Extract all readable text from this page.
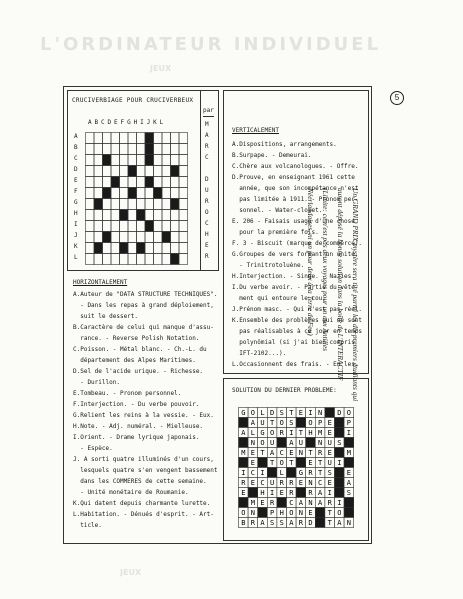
L'ORDINATEUR INDIVIDUEL
JEUX
JEUX
5
CRUCIVERBIAGE POUR CRUCIVERBEUX
ABCDEFGHIJKL
A
B
C
D
E
F
G
H
I
J
K
L
par
M
A
R
C
D
U
R
O
C
H
E
R
HORIZONTALEMENT
A.Auteur de "DATA STRUCTURE TECHNIQUES".
- Dans les repas à grand déploiement,
suit le dessert.
B.Caractère de celui qui manque d'assu-
rance. - Reverse Polish Notation.
C.Poisson. - Métal blanc. - Ch.-L. du
département des Alpes Maritimes.
D.Sel de l'acide urique. - Richesse.
- Durillon.
E.Tombeau. - Pronom personnel.
F.Interjection. - Du verbe pouvoir.
G.Relient les reins à la vessie. - Eux.
H.Note. - Adj. numéral. - Mielleuse.
I.Orient. - Drame lyrique japonais.
- Espèce.
J. A sorti quatre illuminés d'un cours,
lesquels quatre s'en vengent bassement
dans les COMMERES de cette semaine.
- Unité monétaire de Roumanie.
K.Qui datent depuis charmante lurette.
L.Habitation. - Dénués d'esprit. - Art-
ticle.
VERTICALEMENT
A.Dispositions, arrangements.
B.Surpape. - Demeurai.
C.Chère aux volcanologues. - Offre.
D.Prouve, en enseignant 1961 cette
année, que son incompétance n'est
pas limitée à 1911. - Pronom per-
sonnel. - Water-closet.
E. 206 - Faisais usage d'une chose
pour la première fois.
F. 3 - Biscuit (marque de commerce).
G.Groupes de vers formant un unité.
- Trinitrotoluène.
H.Interjection. - Singe. - Nazies.
I.Du verbe avoir. - Partie du vête-
ment qui entoure le cou.
J.Prénom masc. - Qui n'est pas réel.
K.Ensemble des problèmes qui ne sont
pas réalisables à ce jour en temps
polynômial (si j'ai bien compris
IFT-2102...).
L.Occasionnent des frais. - En les.
SOLUTION DU DERNIER PROBLEME:
G O L D S T E I N D O
A U T O S O P E P
A L G O R I T H M E I
N O U A U N U S
M E T A C E N T R E M
E T O T E T U I
I C I L G R T S E
R E C U R R E N C E A
E H I E R R A I S
M E R C A N A R I
O N P H O N E T O
B R A S S A R D T A N
Un GRAND PRIX mystère sera tiré parmi les dix premiers étudiants qui
auront déposé la bonne solution dans la boîte de L'INTERACTIF
(Limite: ce n'est pas deux voyages pour un aux Antilles
Néerlandaises, ni un pour deux à la Terre de Feu)
